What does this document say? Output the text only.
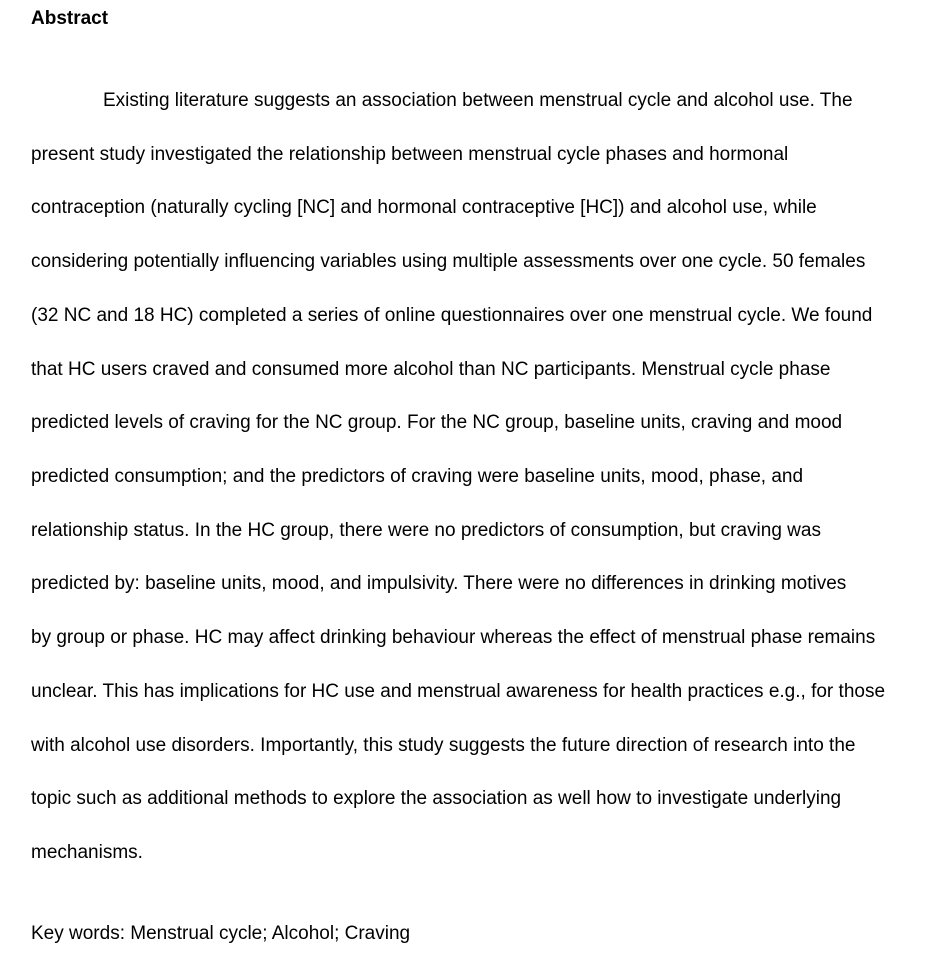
Abstract
Existing literature suggests an association between menstrual cycle and alcohol use. The
present study investigated the relationship between menstrual cycle phases and hormonal
contraception (naturally cycling [NC] and hormonal contraceptive [HC]) and alcohol use, while
considering potentially influencing variables using multiple assessments over one cycle. 50 females
(32 NC and 18 HC) completed a series of online questionnaires over one menstrual cycle. We found
that HC users craved and consumed more alcohol than NC participants. Menstrual cycle phase
predicted levels of craving for the NC group. For the NC group, baseline units, craving and mood
predicted consumption; and the predictors of craving were baseline units, mood, phase, and
relationship status. In the HC group, there were no predictors of consumption, but craving was
predicted by: baseline units, mood, and impulsivity. There were no differences in drinking motives
by group or phase. HC may affect drinking behaviour whereas the effect of menstrual phase remains
unclear. This has implications for HC use and menstrual awareness for health practices e.g., for those
with alcohol use disorders. Importantly, this study suggests the future direction of research into the
topic such as additional methods to explore the association as well how to investigate underlying
mechanisms.
Key words: Menstrual cycle; Alcohol; Craving
